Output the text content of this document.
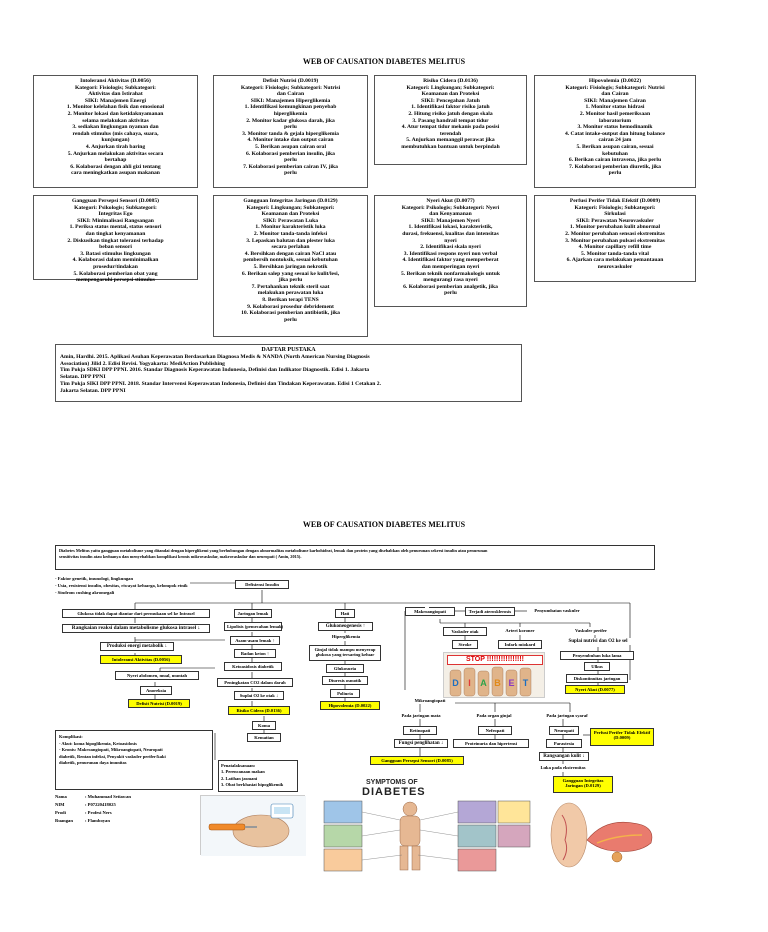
WEB OF CAUSATION DIABETES MELITUS
Intoleransi Aktivitas (D.0056)
Kategori: Fisiologis; Subkategori:
Aktivitas dan Istirahat
SIKI: Manajemen Energi
1. Monitor kelelahan fisik dan emosional
2. Monitor lokasi dan ketidaknyamanan
selama melakukan aktivitas
3. sediakan lingkungan nyaman dan
rendah stimulus (mis cahaya, suara,
kunjungan)
4. Anjurkan tirah baring
5. Anjurkan melakukan aktivitas secara
bertahap
6. Kolaborasi dengan ahli gizi tentang
cara meningkatkan asupan makanan
Defisit Nutrisi (D.0019)
Kategori: Fisiologis; Subkategori: Nutrisi
dan Cairan
SIKI: Manajemen Hiperglikemia
1. Identifikasi kemungkinan penyebab
hiperglikemia
2. Monitor kadar glukosa darah, jika
perlu
3. Monitor tanda & gejala hiperglikemia
4. Monitor intake dan output cairan
5. Berikan asupan cairan oral
6. Kolaborasi pemberian insulin, jika
perlu
7. Kolaborasi pemberian cairan IV, jika
perlu
Risiko Cidera (D.0136)
Kategori: Lingkungan; Subkategori:
Keamanan dan Proteksi
SIKI: Pencegahan Jatuh
1. Identifikasi faktor risiko jatuh
2. Hitung risiko jatuh dengan skala
3. Pasang handrail tempat tidur
4. Atur tempat tidur mekanis pada posisi
terendah
5. Anjurkan memanggil perawat jika
membutuhkan bantuan untuk berpindah
Hipovolemia (D.0022)
Kategori: Fisiologis; Subkategori: Nutrisi
dan Cairan
SIKI: Manajemen Cairan
1. Monitor status hidrasi
2. Monitor hasil pemeriksaan
laboratorium
3. Monitor status hemodinamik
4. Catat intake-output dan hitung balance
cairan 24 jam
5. Berikan asupan cairan, sesuai
kebutuhan
6. Berikan cairan intravena, jika perlu
7. Kolaborasi pemberian diuretik, jika
perlu
Gangguan Persepsi Sensori (D.0085)
Kategori: Psikologis; Subkategori:
Integritas Ego
SIKI: Minimalisasi Rangsangan
1. Periksa status mental, status sensori
dan tingkat kenyamanan
2. Diskusikan tingkat toleransi terhadap
beban sensori
3. Batasi stimulus lingkungan
4. Kolaborasi dalam meminimalkan
prosedur/tindakan
5. Kolaborasi pemberian obat yang
mempengaruhi persepsi stimulus
Gangguan Integritas Jaringan (D.0129)
Kategori: Lingkungan; Subkategori:
Keamanan dan Proteksi
SIKI: Perawatan Luka
1. Monitor karakteristik luka
2. Monitor tanda-tanda infeksi
3. Lepaskan balutan dan plester luka
secara perlahan
4. Bersihkan dengan cairan NaCl atau
pembersih nontoksik, sesuai kebutuhan
5. Bersihkan jaringan nekrotik
6. Berikan salep yang sesuai ke kulit/lesi,
jika perlu
7. Pertahankan teknik steril saat
melakukan perawatan luka
8. Berikan terapi TENS
9. Kolaborasi prosedur debridement
10. Kolaborasi pemberian antibiotik, jika
perlu
Nyeri Akut (D.0077)
Kategori: Psikologis; Subkategori: Nyeri
dan Kenyamanan
SIKI: Manajemen Nyeri
1. Identifikasi lokasi, karakteristik,
durasi, frekuensi, kualitas dan intensitas
nyeri
2. Identifikasi skala nyeri
3. Identifikasi respons nyeri non verbal
4. Identifikasi faktor yang memperberat
dan memperingan nyeri
5. Berikan teknik nonfarmakologis untuk
mengurangi rasa nyeri
6. Kolaborasi pemberian analgetik, jika
perlu
Perfusi Perifer Tidak Efektif (D.0009)
Kategori: Fisiologis; Subkategori:
Sirkulasi
SIKI: Perawatan Neurovaskuler
1. Monitor perubahan kulit abnormal
2. Monitor perubahan sensasi ekstremitas
3. Monitor perubahan pulsasi ekstremitas
4. Monitor capillary refill time
5. Monitor tanda-tanda vital
6. Ajarkan cara melakukan pemantauan
neurovaskuler
DAFTAR PUSTAKA
Amin, Hardhi. 2015. Aplikasi Asuhan Keperawatan Berdasarkan Diagnosa Medis & NANDA (North American Nursing Diagnosis
Association) Jilid 2. Edisi Revisi. Yogyakarta: MediAction Publishing
Tim Pokja SDKI DPP PPNI. 2016. Standar Diagnosis Keperawatan Indonesia, Definisi dan Indikator Diagnostik. Edisi 1. Jakarta
Selatan. DPP PPNI
Tim Pokja SIKI DPP PPNI. 2018. Standar Intervensi Keperawatan Indonesia, Definisi dan Tindakan Keperawatan. Edisi 1 Cetakan 2.
Jakarta Selatan. DPP PPNI
WEB OF CAUSATION DIABETES MELITUS
Diabetes Melitus yaitu gangguan metabolisme yang ditandai dengan hiperglikemi yang berhubungan dengan abnormalitas metabolisme karbohidrat, lemak dan protein yang disebabkan oleh penurunan sekresi insulin atau penurunan
sensitivitas insulin atau keduanya dan menyebabkan komplikasi kronis mikrovaskular, makrovaskular dan neuropati ( Amin, 2015).
- Faktor genetik, imunologi, lingkungan
- Usia, resistensi insulin, obesitas, riwayat keluarga, kelompok etnik
- Sindrom cushing akromegali
Defisiensi Insulin
Glukosa tidak dapat diantar dari permukaan sel ke Intrasel
Rangkaian reaksi dalam metabolisme glukosa intrasel ↓
Produksi energi metabolik ↓
Intoleransi Aktivitas (D.0056)
Nyeri abdomen, mual, muntah
Anoreksia
Defisit Nutrisi (D.0019)
Jaringan lemak
Lipolisis (pemecahan lemak)
Asam-asam lemak ↑
Badan keton ↑
Ketoasidosis diabetik
Peningkatan CO2 dalam darah
Suplai O2 ke otak ↓
Risiko Cidera (D.0136)
Koma
Kematian
Hati
Glukoneogenesis ↑
Hiperglikemia
Ginjal tidak mampu menyerap glukosa yang tersaring keluar
Glukosuria
Diuresis osmotik
Poliuria
Hipovolemia (D.0022)
Makroangiopati	Terjadi aterosklerosis	Penyumbatan vaskuler
Vaskuler otak	Arteri koroner	Vaskuler perifer
Stroke	Infark miokard
Suplai nutrisi dan O2 ke sel
Penyembuhan luka lama
Ulkus
Diskontinuitas jaringan
Nyeri Akut (D.0077)
Mikroangiopati
Pada jaringan mata	Pada organ ginjal	Pada jaringan syaraf
Retinopati	Nefropati	Neuropati
Fungsi penglihatan ↓	Proteinuria dan hipertensi	Parastesia
Perfusi Perifer Tidak Efektif (D.0009)
Gangguan Persepsi Sensori (D.0085)
Rangsangan kulit ↓
Luka pada ekstremitas
Gangguan Integritas Jaringan (D.0129)
Komplikasi:
- Akut: koma hipoglikemia, Ketoasidosis
- Kronis: Makroangiopati, Mikroangiopati, Neuropati
diabetik, Rentan infeksi, Penyakit vaskuler perifer/kaki
diabetik, penurunan daya imunitas
Penatalaksanaan:
1. Perencanaan makan
2. Latihan jasmani
3. Obat berkhasiat hipoglikemik
Nama	: Muhammad Setiawan
NIM	: P07220418025
Prodi	: Profesi Ners
Ruangan	: Flamboyan
STOP !!!!!!!!!!!!!!!!
D I A B E T
SYMPTOMS OF
DIABETES
